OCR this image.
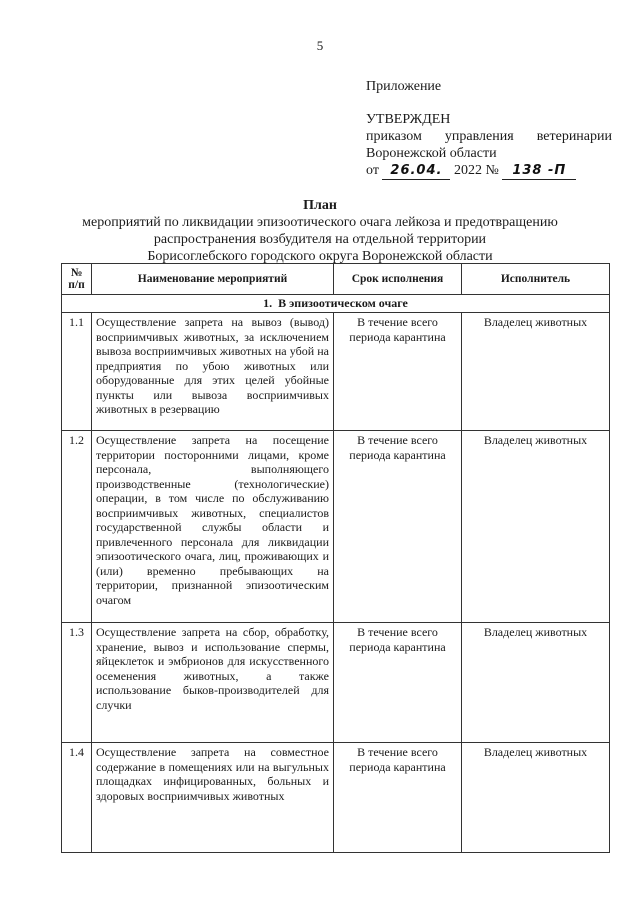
5
Приложение
УТВЕРЖДЕН
приказом управления ветеринарии
Воронежской области
от 26.04. 2022 № 138 -П
План
мероприятий по ликвидации эпизоотического очага лейкоза и предотвращению
распространения возбудителя на отдельной территории
Борисоглебского городского округа Воронежской области
№ п/п	Наименование мероприятий	Срок исполнения	Исполнитель
1. В эпизоотическом очаге			
1.1	Осуществление запрета на вывоз (вывод) восприимчивых животных, за исключением вывоза восприимчивых животных на убой на предприятия по убою животных или оборудованные для этих целей убойные пункты или вывоза восприимчивых животных в резервацию	В течение всего периода карантина	Владелец животных
1.2	Осуществление запрета на посещение территории посторонними лицами, кроме персонала, выполняющего производственные (технологические) операции, в том числе по обслуживанию восприимчивых животных, специалистов государственной службы области и привлеченного персонала для ликвидации эпизоотического очага, лиц, проживающих и (или) временно пребывающих на территории, признанной эпизоотическим очагом	В течение всего периода карантина	Владелец животных
1.3	Осуществление запрета на сбор, обработку, хранение, вывоз и использование спермы, яйцеклеток и эмбрионов для искусственного осеменения животных, а также использование быков-производителей для случки	В течение всего периода карантина	Владелец животных
1.4	Осуществление запрета на совместное содержание в помещениях или на выгульных площадках инфицированных, больных и здоровых восприимчивых животных	В течение всего периода карантина	Владелец животных
